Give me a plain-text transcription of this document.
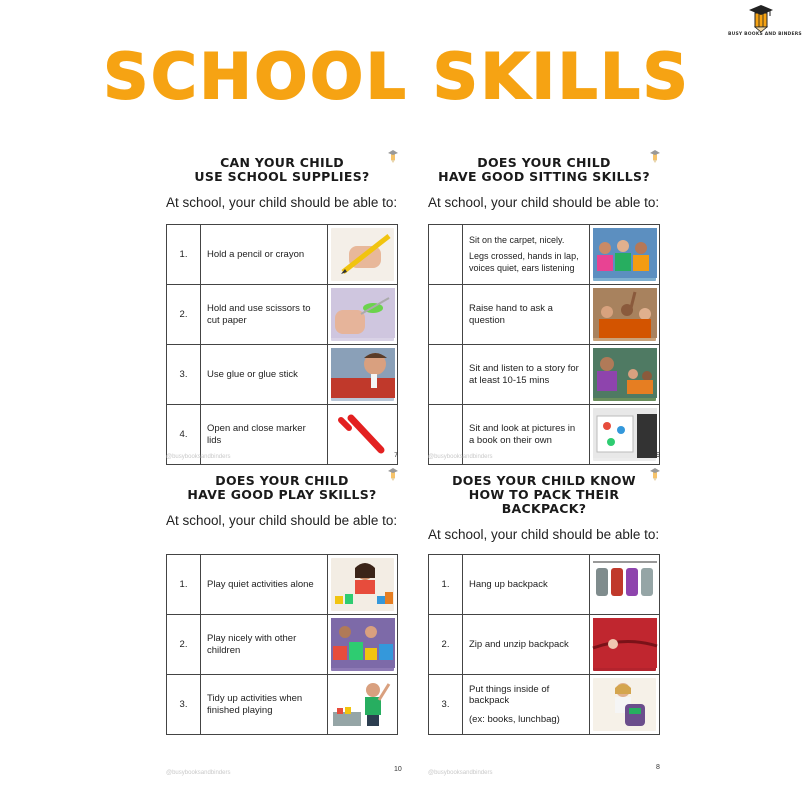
BUSY BOOKS AND BINDERS
SCHOOL SKILLS
CAN YOUR CHILD
USE SCHOOL SUPPLIES?
At school, your child should be able to:
1.	Hold a pencil or crayon

2.	Hold and use scissors to cut paper

3.	Use glue or glue stick

4.	Open and close marker lids

@busybooksandbinders	7
DOES YOUR CHILD
HAVE GOOD SITTING SKILLS?
At school, your child should be able to:

	Sit on the carpet, nicely.
Legs crossed, hands in lap, voices quiet, ears listening

	Raise hand to ask a question

	Sit and listen to a story for at least 10-15 mins

	Sit and look at pictures in a book on their own

@busybooksandbinders	9
DOES YOUR CHILD
HAVE GOOD PLAY SKILLS?
At school, your child should be able to:
1.	Play quiet activities alone

2.	Play nicely with other children

3.	Tidy up activities when finished playing

@busybooksandbinders	10
DOES YOUR CHILD KNOW
HOW TO PACK THEIR BACKPACK?
At school, your child should be able to:
1.	Hang up backpack

2.	Zip and unzip backpack

3.	Put things inside of backpack
(ex: books, lunchbag)

@busybooksandbinders
8
